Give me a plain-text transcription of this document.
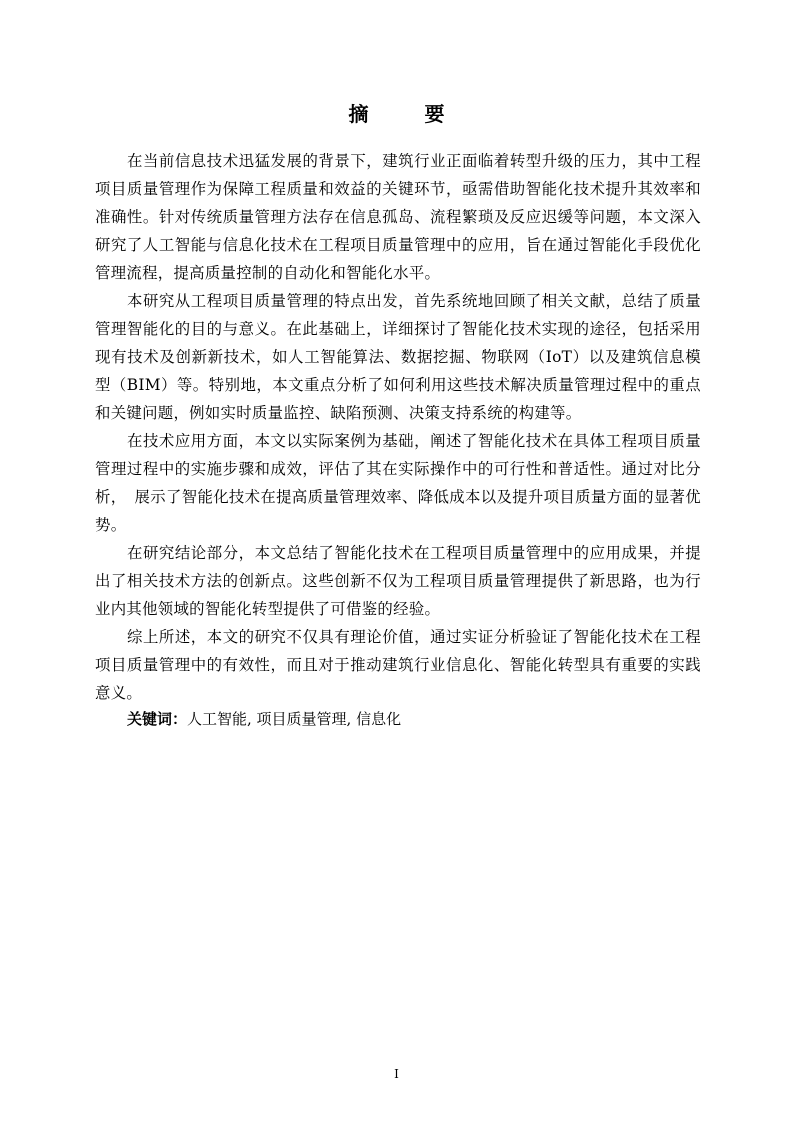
摘　要

在当前信息技术迅猛发展的背景下，建筑行业正面临着转型升级的压力，其中工程项目质量管理作为保障工程质量和效益的关键环节，亟需借助智能化技术提升其效率和准确性。针对传统质量管理方法存在信息孤岛、流程繁琐及反应迟缓等问题，本文深入研究了人工智能与信息化技术在工程项目质量管理中的应用，旨在通过智能化手段优化管理流程，提高质量控制的自动化和智能化水平。

本研究从工程项目质量管理的特点出发，首先系统地回顾了相关文献，总结了质量管理智能化的目的与意义。在此基础上，详细探讨了智能化技术实现的途径，包括采用现有技术及创新新技术，如人工智能算法、数据挖掘、物联网（IoT）以及建筑信息模型（BIM）等。特别地，本文重点分析了如何利用这些技术解决质量管理过程中的重点和关键问题，例如实时质量监控、缺陷预测、决策支持系统的构建等。

在技术应用方面，本文以实际案例为基础，阐述了智能化技术在具体工程项目质量管理过程中的实施步骤和成效，评估了其在实际操作中的可行性和普适性。通过对比分析，　展示了智能化技术在提高质量管理效率、降低成本以及提升项目质量方面的显著优　势。

在研究结论部分，本文总结了智能化技术在工程项目质量管理中的应用成果，并提出了相关技术方法的创新点。这些创新不仅为工程项目质量管理提供了新思路，也为行业内其他领域的智能化转型提供了可借鉴的经验。

综上所述，本文的研究不仅具有理论价值，通过实证分析验证了智能化技术在工程项目质量管理中的有效性，而且对于推动建筑行业信息化、智能化转型具有重要的实践意义。

关键词：人工智能, 项目质量管理, 信息化
I
